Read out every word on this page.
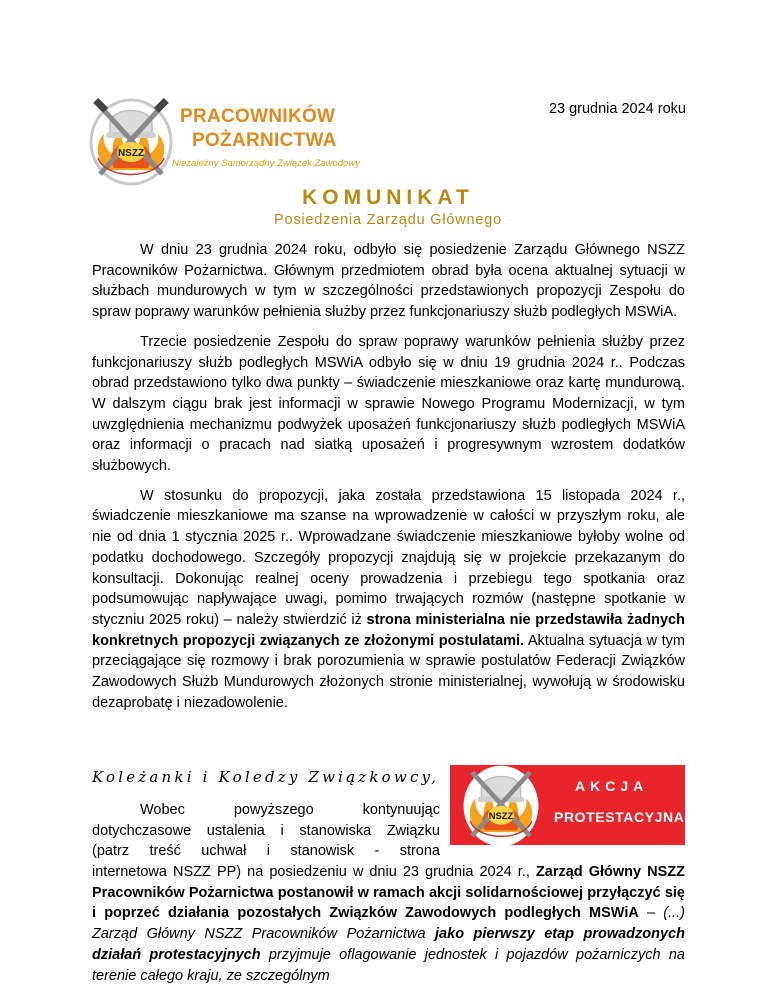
NSZZ
PRACOWNIKÓW
POŻARNICTWA
Niezależny Samorządny Związek Zawodowy
23 grudnia 2024 roku
KOMUNIKAT
Posiedzenia Zarządu Głównego

W dniu 23 grudnia 2024 roku, odbyło się posiedzenie Zarządu Głównego NSZZ Pracowników Pożarnictwa. Głównym przedmiotem obrad była ocena aktualnej sytuacji w służbach mundurowych w tym w szczególności przedstawionych propozycji Zespołu do spraw poprawy warunków pełnienia służby przez funkcjonariuszy służb podległych MSWiA.

Trzecie posiedzenie Zespołu do spraw poprawy warunków pełnienia służby przez funkcjonariuszy służb podległych MSWiA odbyło się w dniu 19 grudnia 2024 r.. Podczas obrad przedstawiono tylko dwa punkty – świadczenie mieszkaniowe oraz kartę mundurową. W dalszym ciągu brak jest informacji w sprawie Nowego Programu Modernizacji, w tym uwzględnienia mechanizmu podwyżek uposażeń funkcjonariuszy służb podległych MSWiA oraz informacji o pracach nad siatką uposażeń i progresywnym wzrostem dodatków służbowych.

W stosunku do propozycji, jaka została przedstawiona 15 listopada 2024 r., świadczenie mieszkaniowe ma szanse na wprowadzenie w całości w przyszłym roku, ale nie od dnia 1 stycznia 2025 r.. Wprowadzane świadczenie mieszkaniowe byłoby wolne od podatku dochodowego. Szczegóły propozycji znajdują się w projekcie przekazanym do konsultacji. Dokonując realnej oceny prowadzenia i przebiegu tego spotkania oraz podsumowując napływające uwagi, pomimo trwających rozmów (następne spotkanie w styczniu 2025 roku) – należy stwierdzić iż strona ministerialna nie przedstawiła żadnych konkretnych propozycji związanych ze złożonymi postulatami. Aktualna sytuacja w tym przeciągające się rozmowy i brak porozumienia w sprawie postulatów Federacji Związków Zawodowych Służb Mundurowych złożonych stronie ministerialnej, wywołują w środowisku dezaprobatę i niezadowolenie.

Koleżanki i Koledzy Związkowcy,
NSZZ
AKCJA
PROTESTACYJNA
Wobec powyższego kontynuując
dotychczasowe ustalenia i stanowiska Związku
(patrz treść uchwał i stanowisk - strona
internetowa NSZZ PP) na posiedzeniu w dniu 23 grudnia 2024 r., Zarząd Główny NSZZ Pracowników Pożarnictwa postanowił w ramach akcji solidarnościowej przyłączyć się i poprzeć działania pozostałych Związków Zawodowych podległych MSWiA – (...) Zarząd Główny NSZZ Pracowników Pożarnictwa jako pierwszy etap prowadzonych działań protestacyjnych przyjmuje oflagowanie jednostek i pojazdów pożarniczych na terenie całego kraju, ze szczególnym
